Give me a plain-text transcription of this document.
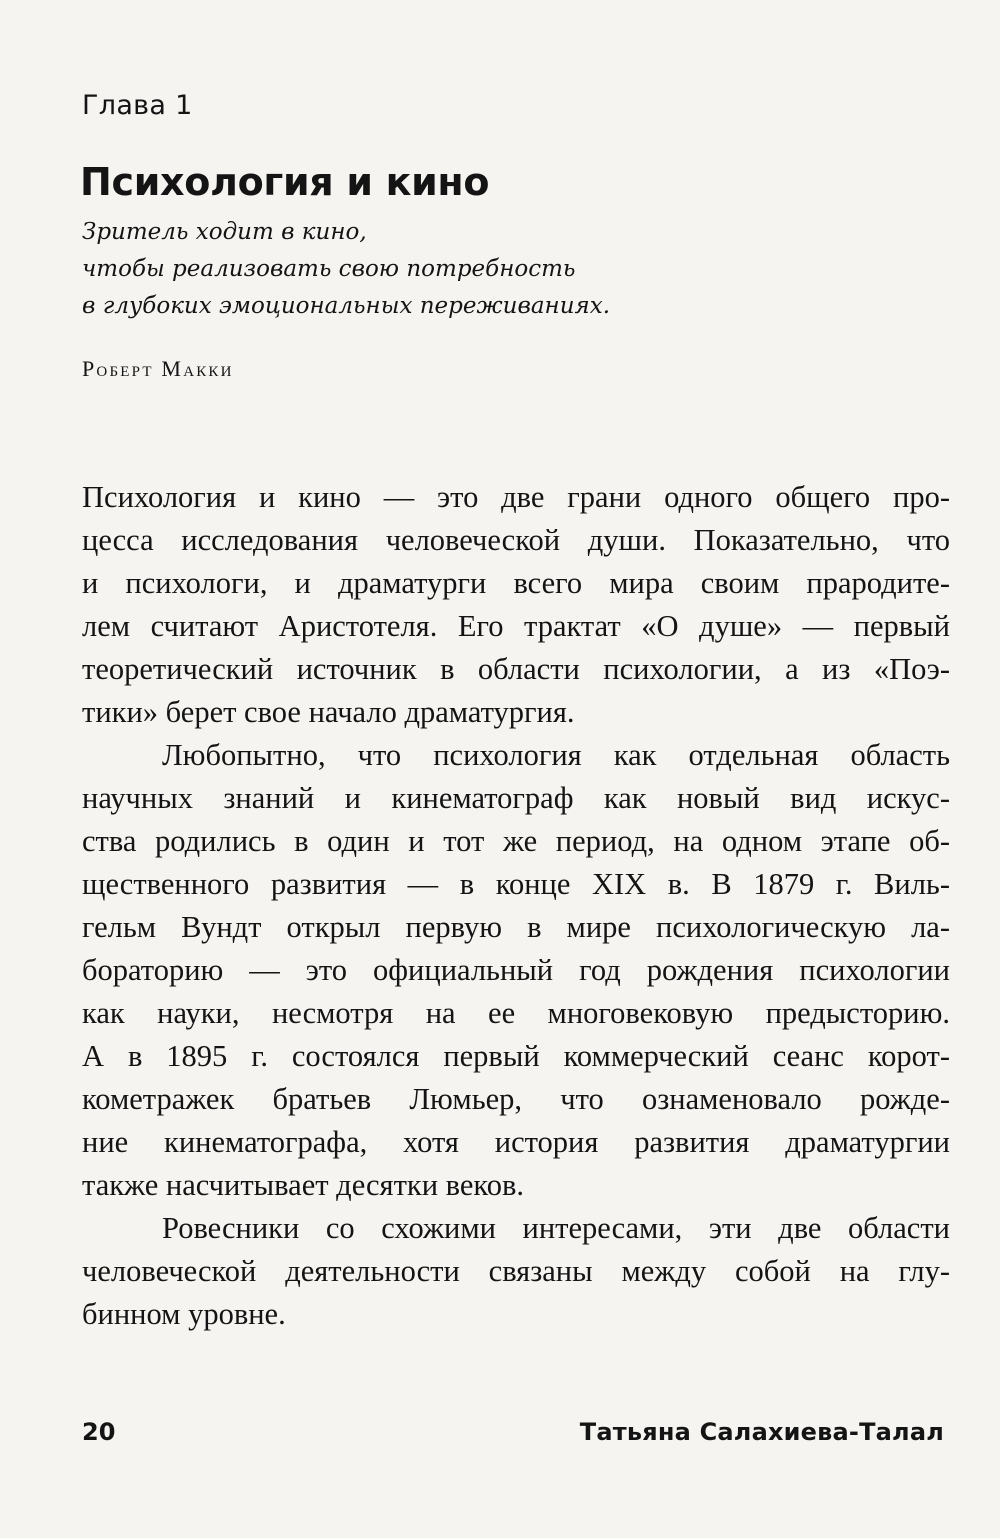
Глава 1
Психология и кино
Зритель ходит в кино,
чтобы реализовать свою потребность
в глубоких эмоциональных переживаниях.
Роберт Макки
Психология и кино — это две грани одного общего про-
цесса исследования человеческой души. Показательно, что
и психологи, и драматурги всего мира своим прародите-
лем считают Аристотеля. Его трактат «О душе» — первый
теоретический источник в области психологии, а из «Поэ-
тики» берет свое начало драматургия.
Любопытно, что психология как отдельная область
научных знаний и кинематограф как новый вид искус-
ства родились в один и тот же период, на одном этапе об-
щественного развития — в конце XIX в. В 1879 г. Виль-
гельм Вундт открыл первую в мире психологическую ла-
бораторию — это официальный год рождения психологии
как науки, несмотря на ее многовековую предысторию.
А в 1895 г. состоялся первый коммерческий сеанс корот-
кометражек братьев Люмьер, что ознаменовало рожде-
ние кинематографа, хотя история развития драматургии
также насчитывает десятки веков.
Ровесники со схожими интересами, эти две области
человеческой деятельности связаны между собой на глу-
бинном уровне.
20	Татьяна Салахиева-Талал
